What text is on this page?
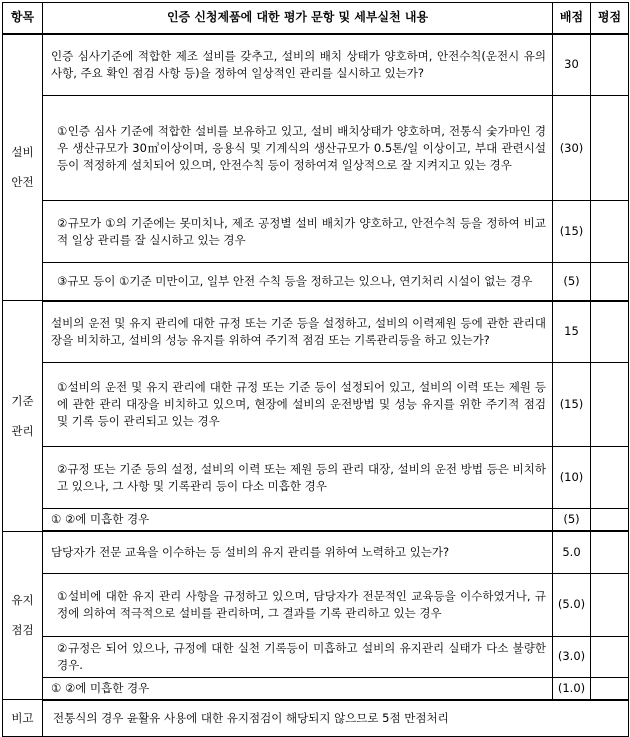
항목	인증 신청제품에 대한 평가 문항 및 세부실천 내용	배점	평점

설비
안전	인증 심사기준에 적합한 제조 설비를 갖추고, 설비의 배치 상태가 양호하며, 안전수칙(운전시 유의사항, 주요 확인 점검 사항 등)을 정하여 일상적인 관리를 실시하고 있는가?	30	
	①인증 심사 기준에 적합한 설비를 보유하고 있고, 설비 배치상태가 양호하며, 전통식 숯가마인 경우 생산규모가 30㎥이상이며, 응용식 및 기계식의 생산규모가 0.5톤/일 이상이고, 부대 관련시설 등이 적정하게 설치되어 있으며, 안전수칙 등이 정하여져 일상적으로 잘 지켜지고 있는 경우	(30)	
	②규모가 ①의 기준에는 못미치나, 제조 공정별 설비 배치가 양호하고, 안전수칙 등을 정하여 비교적 일상 관리를 잘 실시하고 있는 경우	(15)	
	③규모 등이 ①기준 미만이고, 일부 안전 수칙 등을 정하고는 있으나, 연기처리 시설이 없는 경우	(5)	

기준
관리	설비의 운전 및 유지 관리에 대한 규정 또는 기준 등을 설정하고, 설비의 이력제원 등에 관한 관리대장을 비치하고, 설비의 성능 유지를 위하여 주기적 점검 또는 기록관리등을 하고 있는가?	15	
	①설비의 운전 및 유지 관리에 대한 규정 또는 기준 등이 설정되어 있고, 설비의 이력 또는 제원 등에 관한 관리 대장을 비치하고 있으며, 현장에 설비의 운전방법 및 성능 유지를 위한 주기적 점검 및 기록 등이 관리되고 있는 경우	(15)	
	②규정 또는 기준 등의 설정, 설비의 이력 또는 제원 등의 관리 대장, 설비의 운전 방법 등은 비치하고 있으나, 그 사항 및 기록관리 등이 다소 미흡한 경우	(10)	
	① ②에 미흡한 경우	(5)	

유지
점검	담당자가 전문 교육을 이수하는 등 설비의 유지 관리를 위하여 노력하고 있는가?	5.0	
	①설비에 대한 유지 관리 사항을 규정하고 있으며, 담당자가 전문적인 교육등을 이수하였거나, 규정에 의하여 적극적으로 설비를 관리하며, 그 결과를 기록 관리하고 있는 경우	(5.0)	
	②규정은 되어 있으나, 규정에 대한 실천 기록등이 미흡하고 설비의 유지관리 실태가 다소 불량한 경우.	(3.0)	
	① ②에 미흡한 경우	(1.0)	
비고	전통식의 경우 윤활유 사용에 대한 유지점검이 해당되지 않으므로 5점 만점처리		
